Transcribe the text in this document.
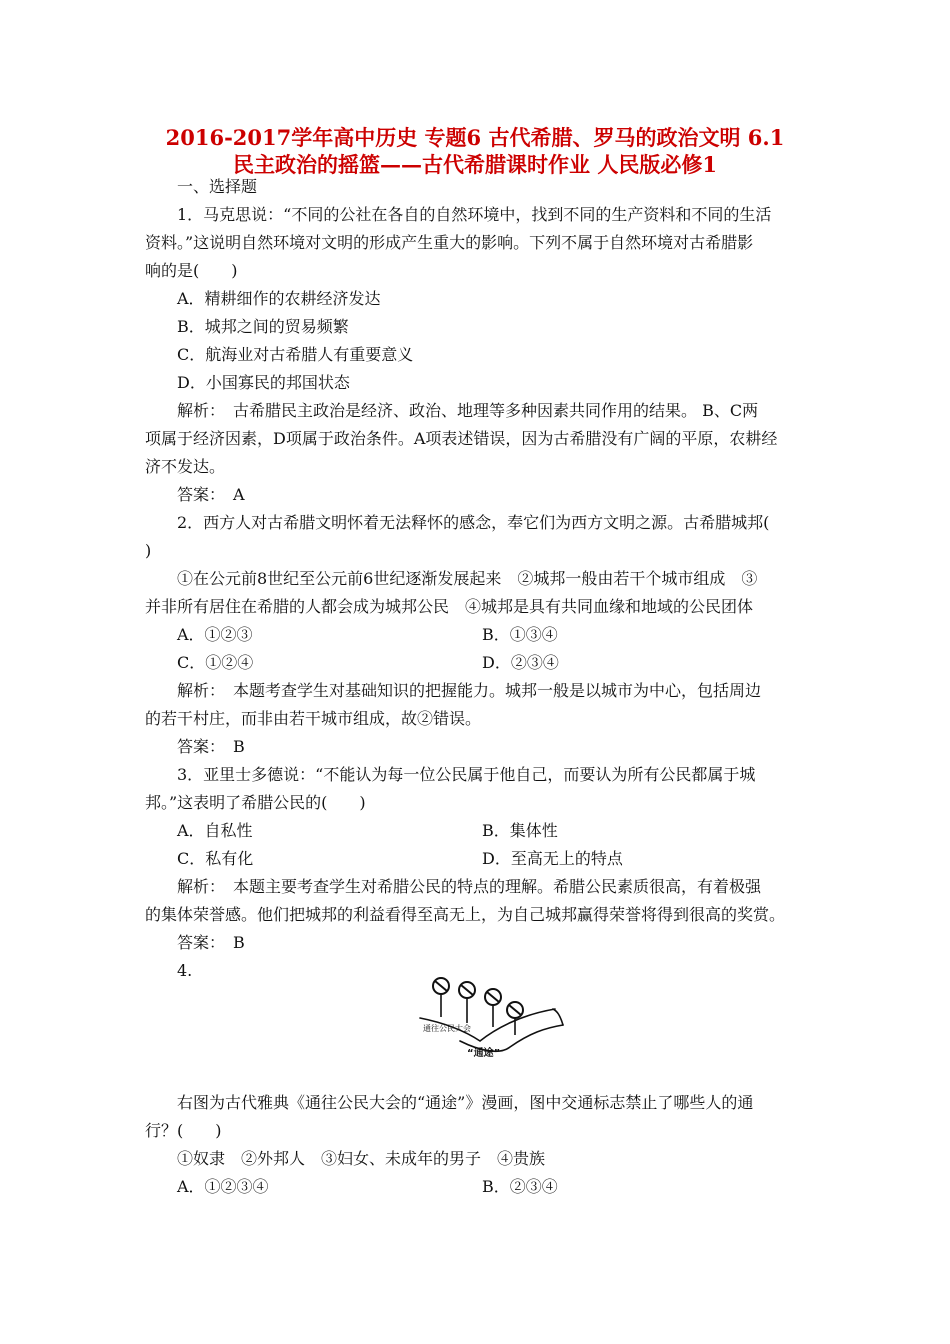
2016-2017学年高中历史 专题6 古代希腊、罗马的政治文明 6.1
民主政治的摇篮——古代希腊课时作业 人民版必修1
一、选择题
1．马克思说：“不同的公社在各自的自然环境中，找到不同的生产资料和不同的生活
资料。”这说明自然环境对文明的形成产生重大的影响。下列不属于自然环境对古希腊影
响的是(　　)
A．精耕细作的农耕经济发达
B．城邦之间的贸易频繁
C．航海业对古希腊人有重要意义
D．小国寡民的邦国状态
解析：　古希腊民主政治是经济、政治、地理等多种因素共同作用的结果。 B、C两
项属于经济因素，D项属于政治条件。A项表述错误，因为古希腊没有广阔的平原，农耕经
济不发达。
答案：　A
2．西方人对古希腊文明怀着无法释怀的感念，奉它们为西方文明之源。古希腊城邦(
)
①在公元前8世纪至公元前6世纪逐渐发展起来　②城邦一般由若干个城市组成　③
并非所有居住在希腊的人都会成为城邦公民　④城邦是具有共同血缘和地域的公民团体
A．①②③	B．①③④
C．①②④	D．②③④
解析：　本题考查学生对基础知识的把握能力。城邦一般是以城市为中心，包括周边
的若干村庄，而非由若干城市组成，故②错误。
答案：　B
3．亚里士多德说：“不能认为每一位公民属于他自己，而要认为所有公民都属于城
邦。”这表明了希腊公民的(　　)
A．自私性	B．集体性
C．私有化	D．至高无上的特点
解析：　本题主要考查学生对希腊公民的特点的理解。希腊公民素质很高，有着极强
的集体荣誉感。他们把城邦的利益看得至高无上，为自己城邦赢得荣誉将得到很高的奖赏。
答案：　B
4.
通往公民大会
“通途”
右图为古代雅典《通往公民大会的“通途”》漫画，图中交通标志禁止了哪些人的通
行？(　　)
①奴隶　②外邦人　③妇女、未成年的男子　④贵族
A．①②③④	B．②③④
